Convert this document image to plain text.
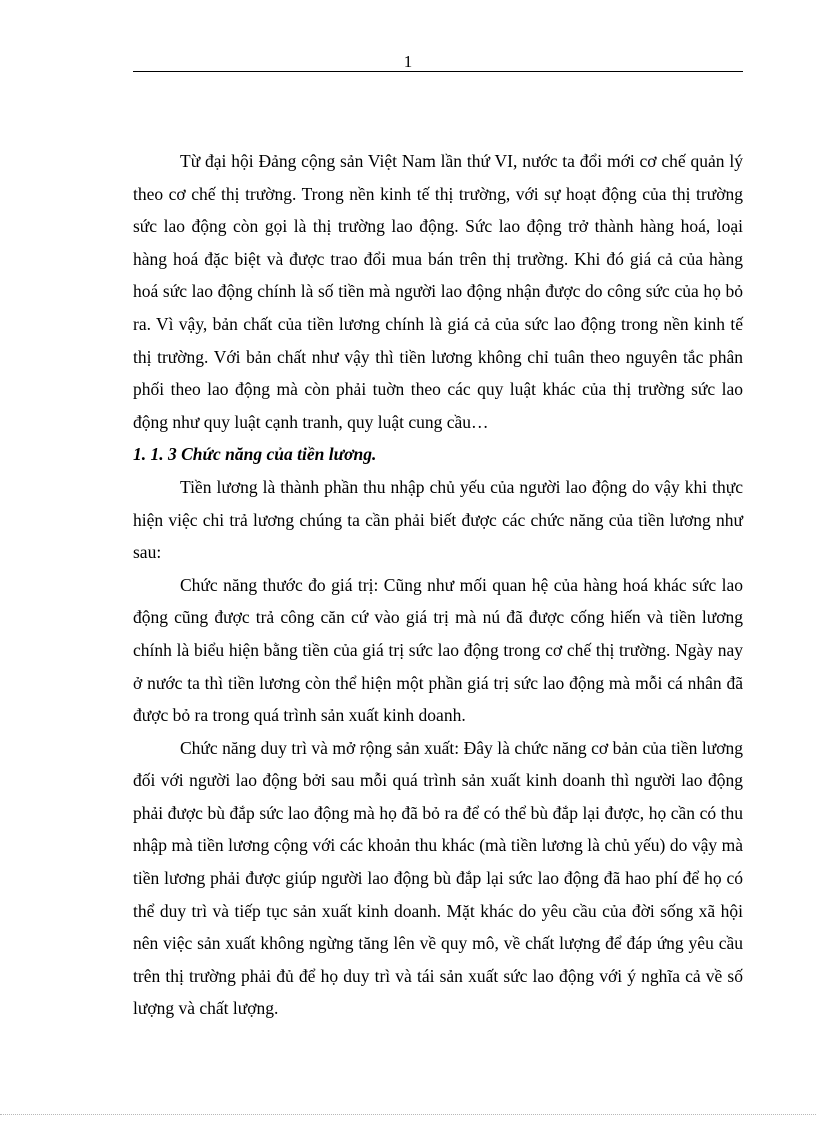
1

Từ đại hội Đảng cộng sản Việt Nam lần thứ VI, nước ta đổi mới cơ chế quản lý theo cơ chế thị trường. Trong nền kinh tế thị trường, với sự hoạt động của thị trường sức lao động còn gọi là thị trường lao động. Sức lao động trở thành hàng hoá, loại hàng hoá đặc biệt và được trao đổi mua bán trên thị trường. Khi đó giá cả của hàng hoá sức lao động chính là số tiền mà người lao động nhận được do công sức của họ bỏ ra. Vì vậy, bản chất của tiền lương chính là giá cả của sức lao động trong nền kinh tế thị trường. Với bản chất như vậy thì tiền lương không chỉ tuân theo nguyên tắc phân phối theo lao động mà còn phải tuờn theo các quy luật khác của thị trường sức lao động như quy luật cạnh tranh, quy luật cung cầu…

1. 1. 3 Chức năng của tiền lương.

Tiền lương là thành phần thu nhập chủ yếu của người lao động do vậy khi thực hiện việc chi trả lương chúng ta cần phải biết được các chức năng của tiền lương như sau:

Chức năng thước đo giá trị: Cũng như mối quan hệ của hàng hoá khác sức lao động cũng được trả công căn cứ vào giá trị mà nú đã được cống hiến và tiền lương chính là biểu hiện bằng tiền của giá trị sức lao động trong cơ chế thị trường. Ngày nay ở nước ta thì tiền lương còn thể hiện một phần giá trị sức lao động mà mỗi cá nhân đã được bỏ ra trong quá trình sản xuất kinh doanh.

Chức năng duy trì và mở rộng sản xuất: Đây là chức năng cơ bản của tiền lương đối với người lao động bởi sau mỗi quá trình sản xuất kinh doanh thì người lao động phải được bù đắp sức lao động mà họ đã bỏ ra để có thể bù đắp lại được, họ cần có thu nhập mà tiền lương cộng với các khoản thu khác (mà tiền lương là chủ yếu) do vậy mà tiền lương phải được giúp người lao động bù đắp lại sức lao động đã hao phí để họ có thể duy trì và tiếp tục sản xuất kinh doanh. Mặt khác do yêu cầu của đời sống xã hội nên việc sản xuất không ngừng tăng lên về quy mô, về chất lượng để đáp ứng yêu cầu trên thị trường phải đủ để họ duy trì và tái sản xuất sức lao động với ý nghĩa cả về số lượng và chất lượng.
